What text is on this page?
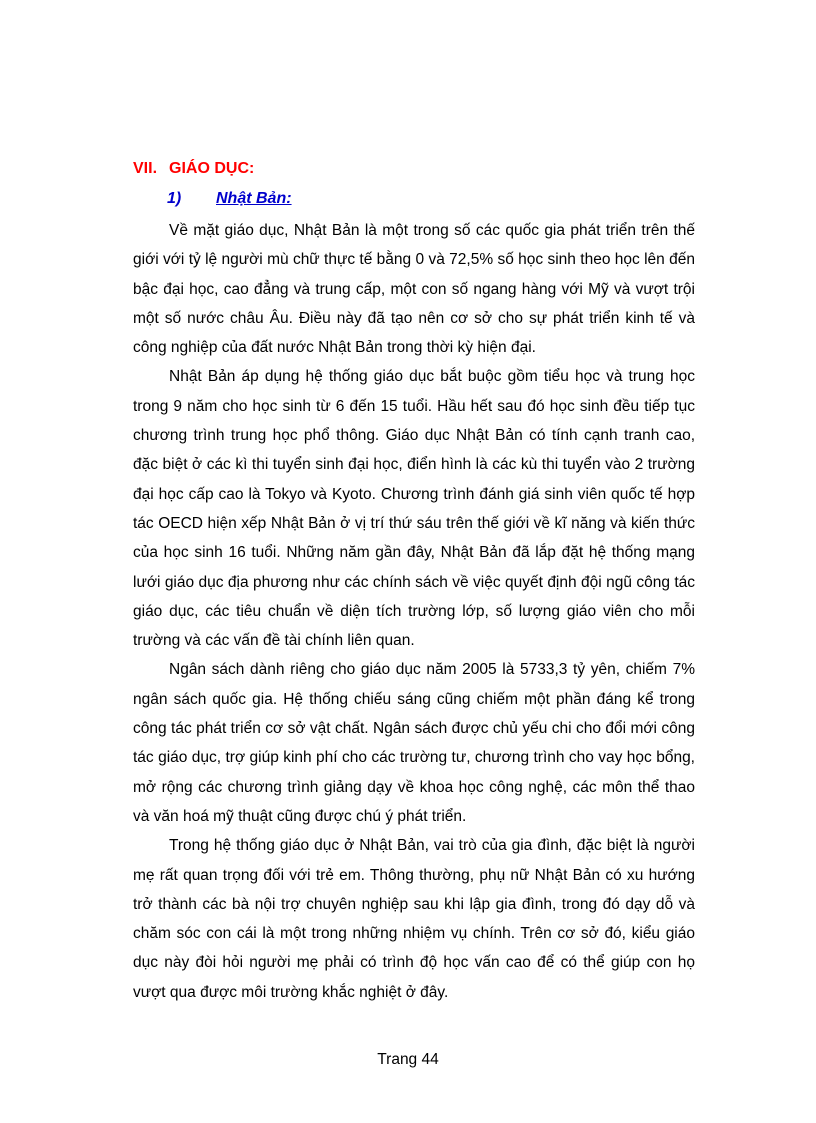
VII. GIÁO DỤC:
1) Nhật Bản:

Về mặt giáo dục, Nhật Bản là một trong số các quốc gia phát triển trên thế giới với tỷ lệ người mù chữ thực tế bằng 0 và 72,5% số học sinh theo học lên đến bậc đại học, cao đẳng và trung cấp, một con số ngang hàng với Mỹ và vượt trội một số nước châu Âu. Điều này đã tạo nên cơ sở cho sự phát triển kinh tế và công nghiệp của đất nước Nhật Bản trong thời kỳ hiện đại.

Nhật Bản áp dụng hệ thống giáo dục bắt buộc gồm tiểu học và trung học trong 9 năm cho học sinh từ 6 đến 15 tuổi. Hầu hết sau đó học sinh đều tiếp tục chương trình trung học phổ thông. Giáo dục Nhật Bản có tính cạnh tranh cao, đặc biệt ở các kì thi tuyển sinh đại học, điển hình là các kù thi tuyển vào 2 trường đại học cấp cao là Tokyo và Kyoto. Chương trình đánh giá sinh viên quốc tế hợp tác OECD hiện xếp Nhật Bản ở vị trí thứ sáu trên thế giới về kĩ năng và kiến thức của học sinh 16 tuổi. Những năm gần đây, Nhật Bản đã lắp đặt hệ thống mạng lưới giáo dục địa phương như các chính sách về việc quyết định đội ngũ công tác giáo dục, các tiêu chuẩn về diện tích trường lớp, số lượng giáo viên cho mỗi trường và các vấn đề tài chính liên quan.

Ngân sách dành riêng cho giáo dục năm 2005 là 5733,3 tỷ yên, chiếm 7% ngân sách quốc gia. Hệ thống chiếu sáng cũng chiếm một phần đáng kể trong công tác phát triển cơ sở vật chất. Ngân sách được chủ yếu chi cho đổi mới công tác giáo dục, trợ giúp kinh phí cho các trường tư, chương trình cho vay học bổng, mở rộng các chương trình giảng dạy về khoa học công nghệ, các môn thể thao và văn hoá mỹ thuật cũng được chú ý phát triển.

Trong hệ thống giáo dục ở Nhật Bản, vai trò của gia đình, đặc biệt là người mẹ rất quan trọng đối với trẻ em. Thông thường, phụ nữ Nhật Bản có xu hướng trở thành các bà nội trợ chuyên nghiệp sau khi lập gia đình, trong đó dạy dỗ và chăm sóc con cái là một trong những nhiệm vụ chính. Trên cơ sở đó, kiểu giáo dục này đòi hỏi người mẹ phải có trình độ học vấn cao để có thể giúp con họ vượt qua được môi trường khắc nghiệt ở đây.

Trang 44
